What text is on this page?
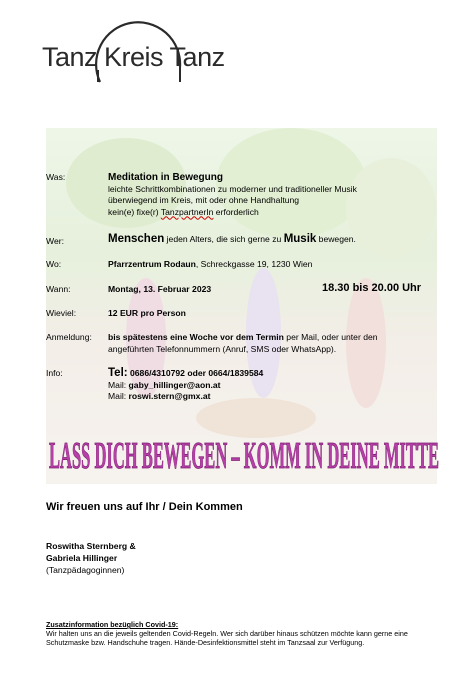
Tanz Kreis Tanz
Was:	Meditation in Bewegung
leichte Schrittkombinationen zu moderner und traditioneller Musik
überwiegend im Kreis, mit oder ohne Handhaltung
kein(e) fixe(r) TanzpartnerIn erforderlich
Wer:	Menschen jeden Alters, die sich gerne zu Musik bewegen.
Wo:	Pfarrzentrum Rodaun, Schreckgasse 19, 1230 Wien
Wann:	Montag, 13. Februar 2023	18.30 bis 20.00 Uhr
Wieviel:	12 EUR pro Person
Anmeldung: bis spätestens eine Woche vor dem Termin per Mail, oder unter den
angeführten Telefonnummern (Anruf, SMS oder WhatsApp).
Info:	Tel: 0686/4310792 oder 0664/1839584
Mail: gaby_hillinger@aon.at
Mail: roswi.stern@gmx.at
LASS DICH BEWEGEN – KOMM IN DEINE MITTE
Wir freuen uns auf Ihr / Dein Kommen
Roswitha Sternberg &
Gabriela Hillinger
(Tanzpädagoginnen)
Zusatzinformation bezüglich Covid-19:
Wir halten uns an die jeweils geltenden Covid-Regeln. Wer sich darüber hinaus schützen möchte kann gerne eine Schutzmaske bzw. Handschuhe tragen. Hände-Desinfektionsmittel steht im Tanzsaal zur Verfügung.
